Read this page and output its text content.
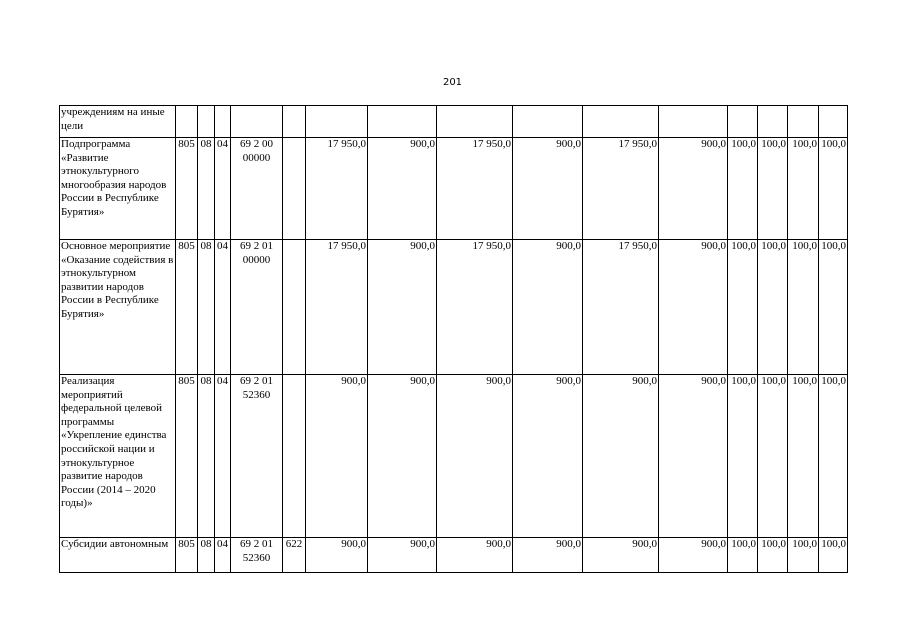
201
учреждениям на иные цели															
Подпрограмма «Развитие этнокультурного многообразия народов России в Республике Бурятия»	805	08	04	69 2 00 00000		17 950,0	900,0	17 950,0	900,0	17 950,0	900,0	100,0	100,0	100,0	100,0
Основное мероприятие «Оказание содействия в этнокультурном развитии народов России в Республике Бурятия»	805	08	04	69 2 01 00000		17 950,0	900,0	17 950,0	900,0	17 950,0	900,0	100,0	100,0	100,0	100,0
Реализация мероприятий федеральной целевой программы «Укрепление единства российской нации и этнокультурное развитие народов России (2014 – 2020 годы)»	805	08	04	69 2 01 52360		900,0	900,0	900,0	900,0	900,0	900,0	100,0	100,0	100,0	100,0
Субсидии автономным	805	08	04	69 2 01 52360	622	900,0	900,0	900,0	900,0	900,0	900,0	100,0	100,0	100,0	100,0
